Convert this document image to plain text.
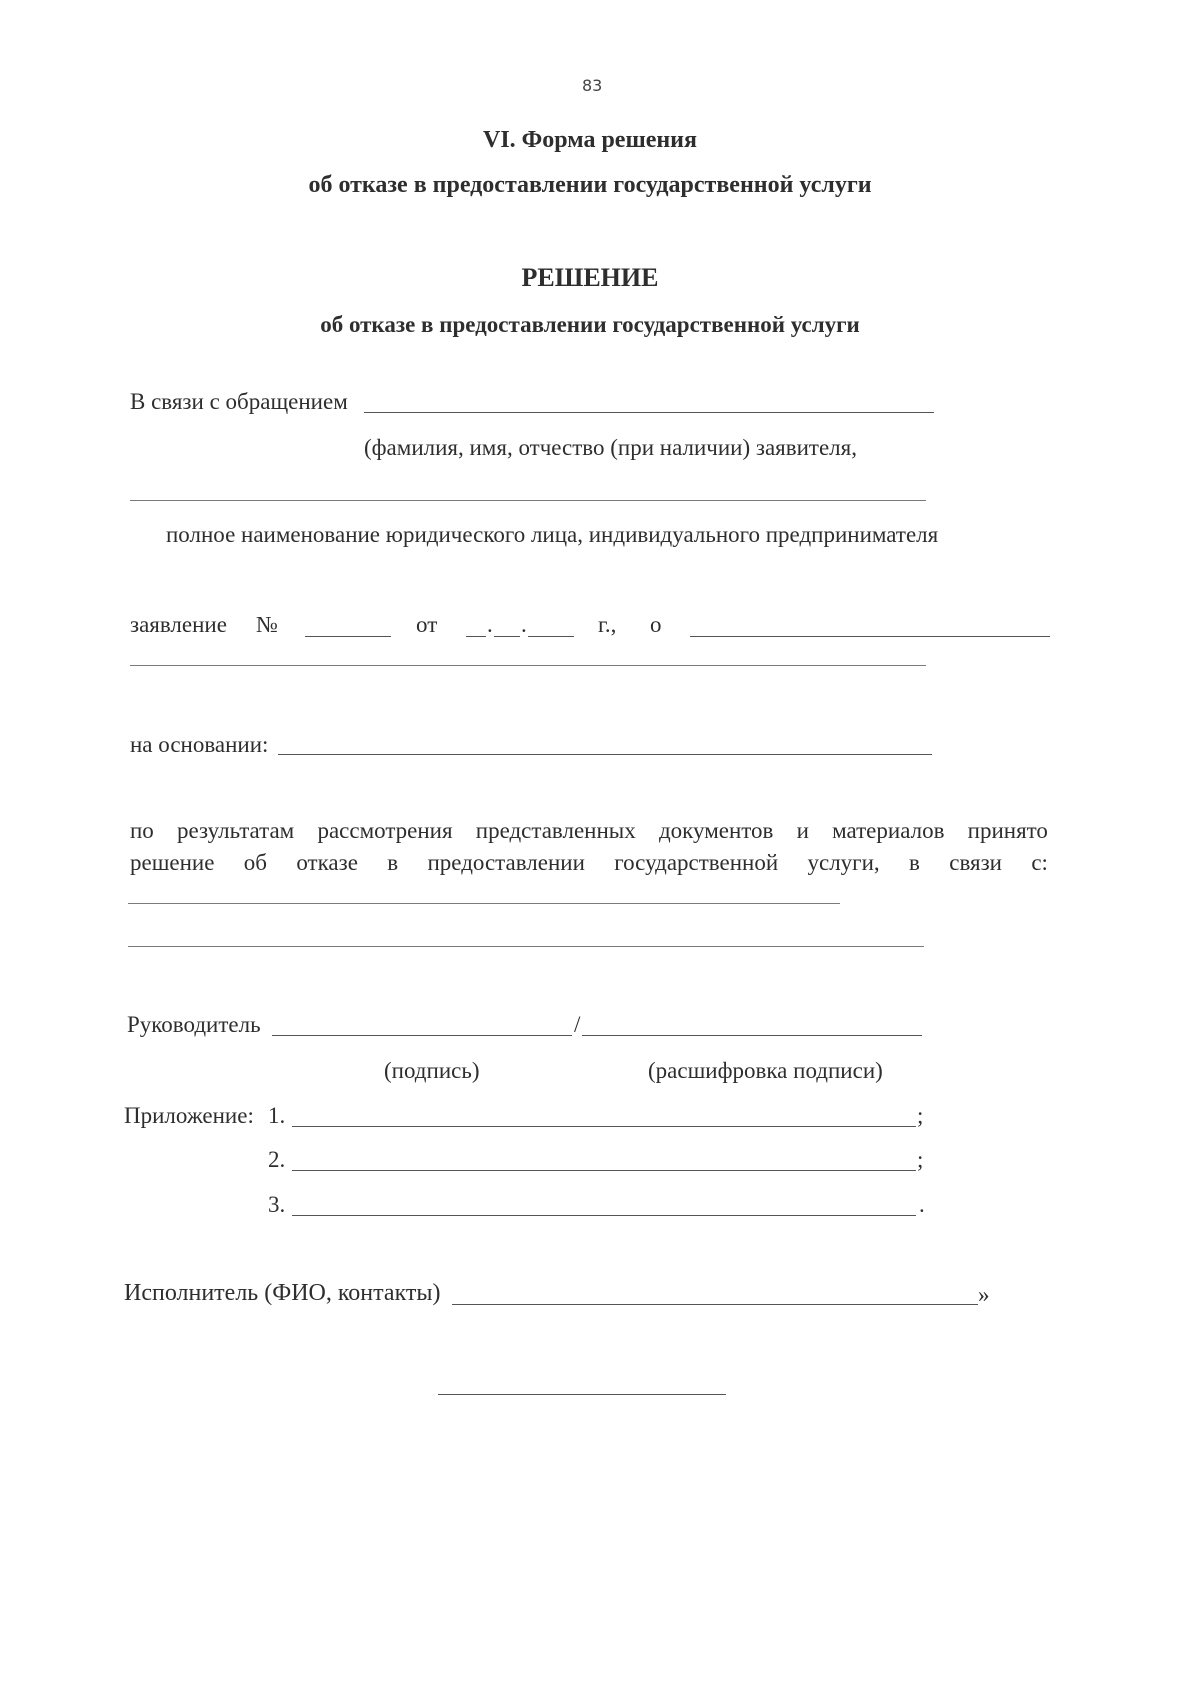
83
VI. Форма решения
об отказе в предоставлении государственной услуги
РЕШЕНИЕ
об отказе в предоставлении государственной услуги
В связи с обращением
(фамилия, имя, отчество (при наличии) заявителя,
полное наименование юридического лица, индивидуального предпринимателя
заявление №	от . .	г., о
на основании:
по результатам рассмотрения представленных документов и материалов принято
решение об отказе в предоставлении государственной услуги, в связи с:
Руководитель	/
(подпись)	(расшифровка подписи)
Приложение: 1.	;
2.	;
3.	.
Исполнитель (ФИО, контакты)	»
